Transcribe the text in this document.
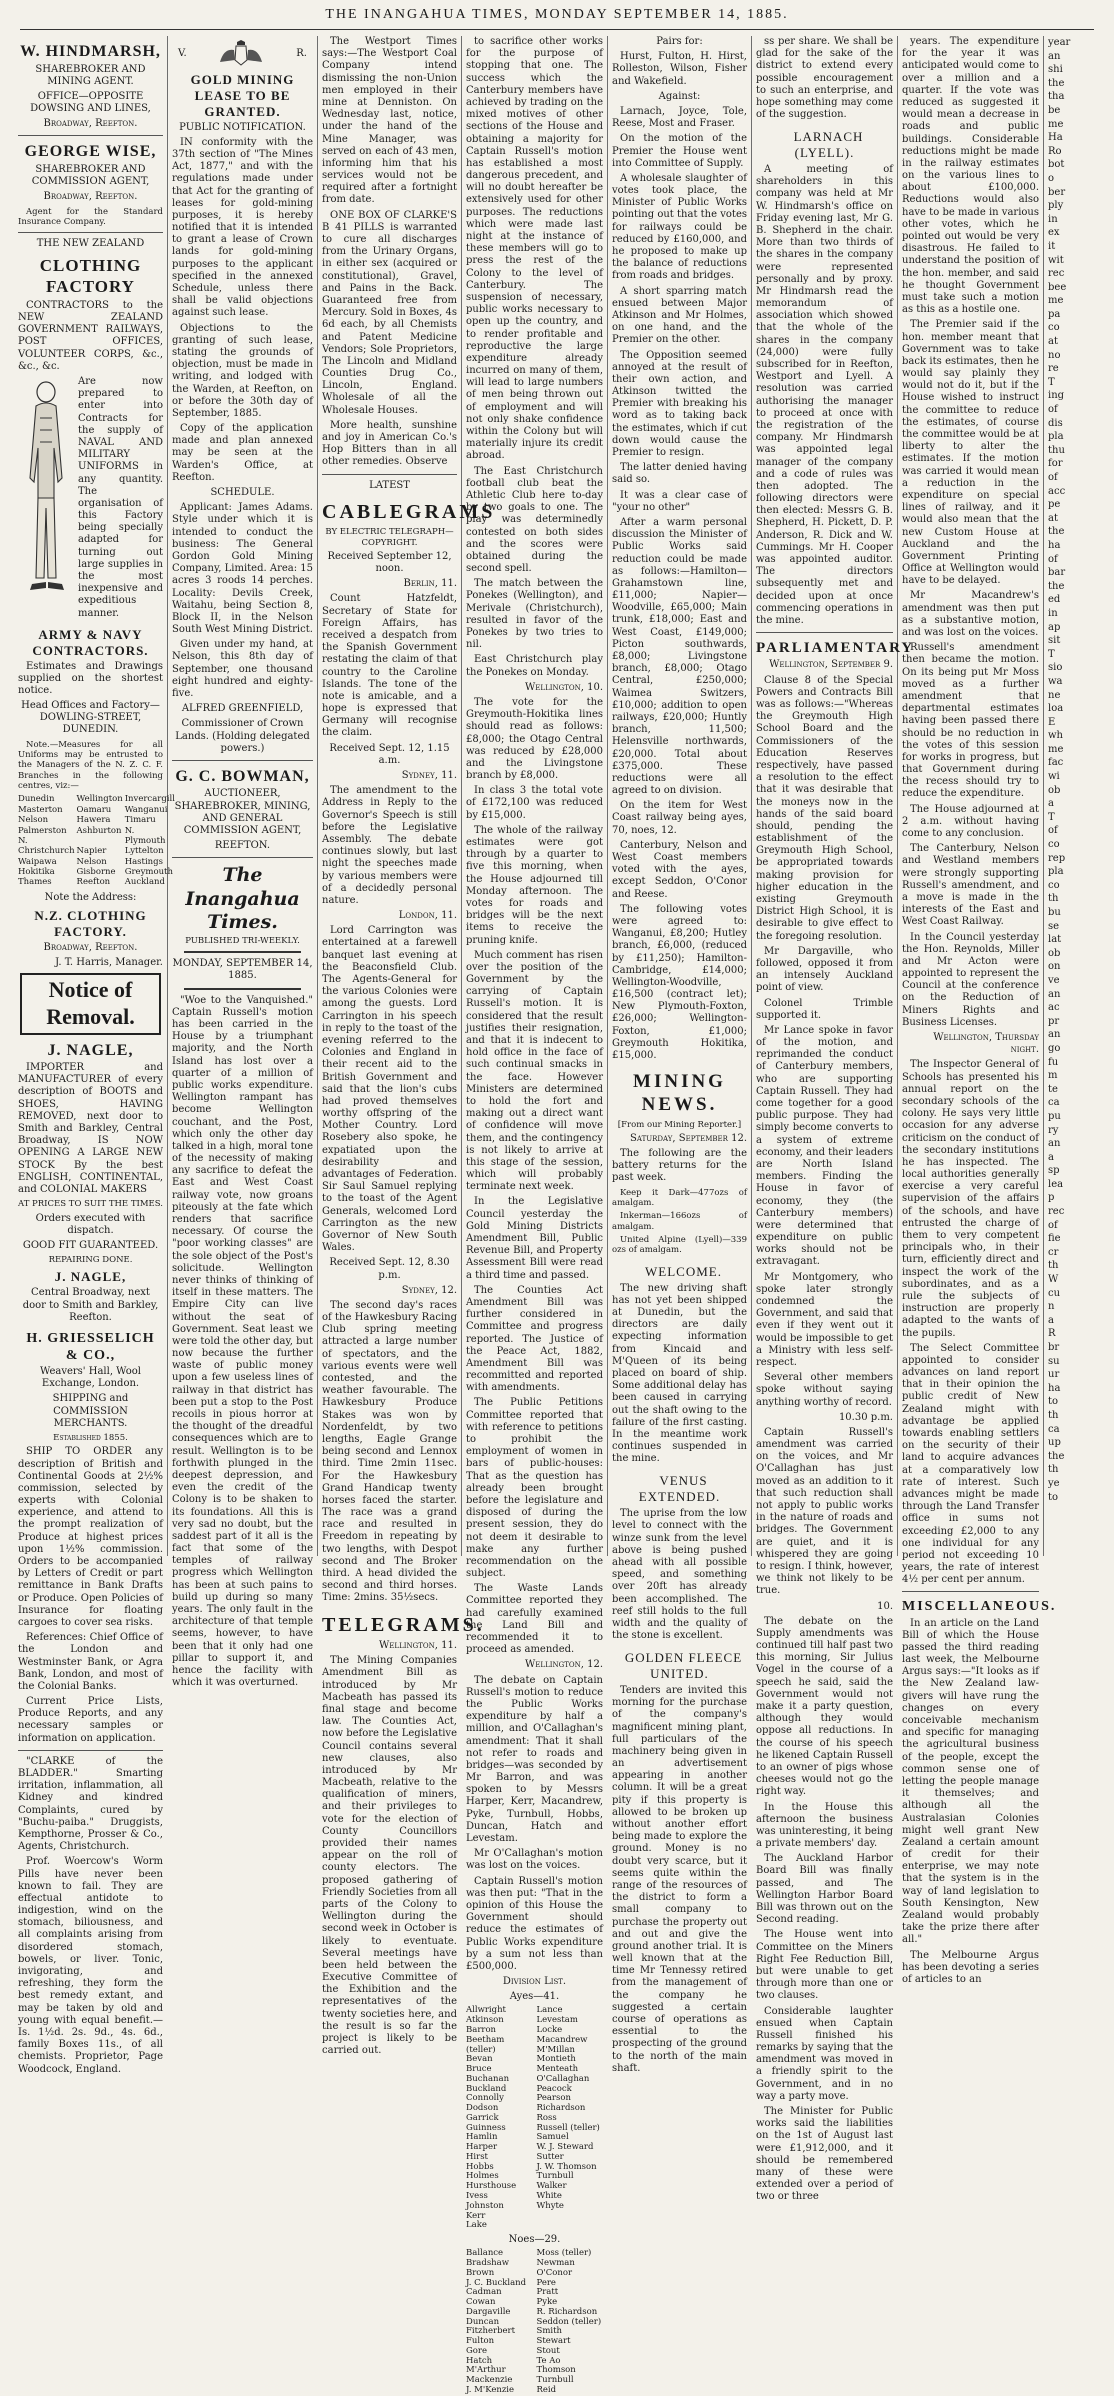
THE INANGAHUA TIMES, MONDAY SEPTEMBER 14, 1885.
W. HINDMARSH,

SHAREBROKER AND MINING AGENT.

OFFICE—OPPOSITE DOWSING AND LINES,

Broadway, Reefton.

GEORGE WISE,

SHAREBROKER AND COMMISSION AGENT,

Broadway, Reefton.

Agent for the Standard Insurance Company.

THE NEW ZEALAND

CLOTHING FACTORY

CONTRACTORS to the NEW ZEALAND GOVERNMENT RAILWAYS, POST OFFICES, VOLUNTEER CORPS, &c., &c., &c.

Are now prepared to enter into Contracts for the supply of NAVAL AND MILITARY UNIFORMS in any quantity. The organisation of this Factory being specially adapted for turning out large supplies in the most inexpensive and expeditious manner.

ARMY & NAVY CONTRACTORS.

Estimates and Drawings supplied on the shortest notice.

Head Offices and Factory— DOWLING-STREET, DUNEDIN.

Note.—Measures for all Uniforms may be entrusted to the Managers of the N. Z. C. F. Branches in the following centres, viz:—

Dunedin	Wellington Invercargill
Masterton	Oamaru	Wanganui
Nelson	Hawera	Timaru
Palmerston N.
Ashburton N. Plymouth
Christchurch Napier	Lyttelton
Waipawa	Nelson	Hastings
Hokitika	Gisborne	Greymouth
Thames	Reefton	Auckland

Note the Address:

N.Z. CLOTHING FACTORY.

Broadway, Reefton.

J. T. Harris, Manager.

Notice of Removal.
J. NAGLE,

IMPORTER and MANUFACTURER of every description of BOOTS and SHOES, HAVING REMOVED, next door to Smith and Barkley, Central Broadway, IS NOW OPENING A LARGE NEW STOCK By the best ENGLISH, CONTINENTAL, and COLONIAL MAKERS

AT PRICES TO SUIT THE TIMES.

Orders executed with dispatch.

GOOD FIT GUARANTEED.

REPAIRING DONE.

J. NAGLE,

Central Broadway, next door to Smith and Barkley, Reefton.

H. GRIESSELICH & CO.,

Weavers' Hall, Wool Exchange, London.

SHIPPING and COMMISSION MERCHANTS.

Established 1855.

SHIP TO ORDER any description of British and Continental Goods at 2½% commission, selected by experts with Colonial experience, and attend to the prompt realization of Produce at highest prices upon 1½% commission. Orders to be accompanied by Letters of Credit or part remittance in Bank Drafts or Produce. Open Policies of Insurance for floating cargoes to cover sea risks.

References: Chief Office of the London and Westminster Bank, or Agra Bank, London, and most of the Colonial Banks.

Current Price Lists, Produce Reports, and any necessary samples or information on application.

"CLARKE of the BLADDER." Smarting irritation, inflammation, all Kidney and kindred Complaints, cured by "Buchu-paiba." Druggists, Kempthorne, Prosser & Co., Agents, Christchurch.

Prof. Woercow's Worm Pills have never been known to fail. They are effectual antidote to indigestion, wind on the stomach, biliousness, and all complaints arising from disordered stomach, bowels, or liver. Tonic, invigorating, and refreshing, they form the best remedy extant, and may be taken by old and young with equal benefit.—Is. 1½d. 2s. 9d., 4s. 6d., family Boxes 11s., of all chemists. Proprietor, Page Woodcock, England.

V.	R.
GOLD MINING LEASE TO BE GRANTED.

PUBLIC NOTIFICATION.

IN conformity with the 37th section of "The Mines Act, 1877," and with the regulations made under that Act for the granting of leases for gold-mining purposes, it is hereby notified that it is intended to grant a lease of Crown lands for gold-mining purposes to the applicant specified in the annexed Schedule, unless there shall be valid objections against such lease.

Objections to the granting of such lease, stating the grounds of objection, must be made in writing, and lodged with the Warden, at Reefton, on or before the 30th day of September, 1885.

Copy of the application made and plan annexed may be seen at the Warden's Office, at Reefton.

SCHEDULE.

Applicant: James Adams. Style under which it is intended to conduct the business: The General Gordon Gold Mining Company, Limited. Area: 15 acres 3 roods 14 perches. Locality: Devils Creek, Waitahu, being Section 8, Block II, in the Nelson South West Mining District.

Given under my hand, at Nelson, this 8th day of September, one thousand eight hundred and eighty-five.

ALFRED GREENFIELD,

Commissioner of Crown Lands. (Holding delegated powers.)

G. C. BOWMAN,

AUCTIONEER, SHAREBROKER, MINING, AND GENERAL COMMISSION AGENT,

REEFTON.

The Inangahua Times.

PUBLISHED TRI-WEEKLY.

MONDAY, SEPTEMBER 14, 1885.

"Woe to the Vanquished." Captain Russell's motion has been carried in the House by a triumphant majority, and the North Island has lost over a quarter of a million of public works expenditure. Wellington rampant has become Wellington couchant, and the Post, which only the other day talked in a high, moral tone of the necessity of making any sacrifice to defeat the East and West Coast railway vote, now groans piteously at the fate which renders that sacrifice necessary. Of course the "poor working classes" are the sole object of the Post's solicitude. Wellington never thinks of thinking of itself in these matters. The Empire City can live without the seat of Government. Seat least we were told the other day, but now because the further waste of public money upon a few useless lines of railway in that district has been put a stop to the Post recoils in pious horror at the thought of the dreadful consequences which are to result. Wellington is to be forthwith plunged in the deepest depression, and even the credit of the Colony is to be shaken to its foundations. All this is very sad no doubt, but the saddest part of it all is the fact that some of the temples of railway progress which Wellington has been at such pains to build up during so many years. The only fault in the architecture of that temple seems, however, to have been that it only had one pillar to support it, and hence the facility with which it was overturned.

The Westport Times says:—The Westport Coal Company intend dismissing the non-Union men employed in their mine at Denniston. On Wednesday last, notice, under the hand of the Mine Manager, was served on each of 43 men, informing him that his services would not be required after a fortnight from date.

ONE BOX OF CLARKE'S B 41 PILLS is warranted to cure all discharges from the Urinary Organs, in either sex (acquired or constitutional), Gravel, and Pains in the Back. Guaranteed free from Mercury. Sold in Boxes, 4s 6d each, by all Chemists and Patent Medicine Vendors; Sole Proprietors, The Lincoln and Midland Counties Drug Co., Lincoln, England. Wholesale of all the Wholesale Houses.

More health, sunshine and joy in American Co.'s Hop Bitters than in all other remedies. Observe

LATEST

CABLEGRAMS

BY ELECTRIC TELEGRAPH—COPYRIGHT.

Received September 12, noon.

Berlin, 11.

Count Hatzfeldt, Secretary of State for Foreign Affairs, has received a despatch from the Spanish Government restating the claim of that country to the Caroline Islands. The tone of the note is amicable, and a hope is expressed that Germany will recognise the claim.

Received Sept. 12, 1.15 a.m.

Sydney, 11.

The amendment to the Address in Reply to the Governor's Speech is still before the Legislative Assembly. The debate continues slowly, but last night the speeches made by various members were of a decidedly personal nature.

London, 11.

Lord Carrington was entertained at a farewell banquet last evening at the Beaconsfield Club. The Agents-General for the various Colonies were among the guests. Lord Carrington in his speech in reply to the toast of the evening referred to the Colonies and England in their recent aid to the British Government and said that the lion's cubs had proved themselves worthy offspring of the Mother Country. Lord Rosebery also spoke, he expatiated upon the desirability and advantages of Federation. Sir Saul Samuel replying to the toast of the Agent Generals, welcomed Lord Carrington as the new Governor of New South Wales.

Received Sept. 12, 8.30 p.m.

Sydney, 12.

The second day's races of the Hawkesbury Racing Club spring meeting attracted a large number of spectators, and the various events were well contested, and the weather favourable. The Hawkesbury Produce Stakes was won by Nordenfeldt, by two lengths, Eagle Grange being second and Lennox third. Time 2min 11sec. For the Hawkesbury Grand Handicap twenty horses faced the starter. The race was a grand race and resulted in Freedom in repeating by two lengths, with Despot second and The Broker third. A head divided the second and third horses. Time: 2mins. 35½secs.

TELEGRAMS.

Wellington, 11.

The Mining Companies Amendment Bill as introduced by Mr Macbeath has passed its final stage and become law. The Counties Act, now before the Legislative Council contains several new clauses, also introduced by Mr Macbeath, relative to the qualification of miners, and their privileges to vote for the election of County Councillors provided their names appear on the roll of county electors. The proposed gathering of Friendly Societies from all parts of the Colony to Wellington during the second week in October is likely to eventuate. Several meetings have been held between the Executive Committee of the Exhibition and the representatives of the twenty societies here, and the result is so far the project is likely to be carried out.

to sacrifice other works for the purpose of stopping that one. The success which the Canterbury members have achieved by trading on the mixed motives of other sections of the House and obtaining a majority for Captain Russell's motion has established a most dangerous precedent, and will no doubt hereafter be extensively used for other purposes. The reductions which were made last night at the instance of these members will go to press the rest of the Colony to the level of Canterbury. The suspension of necessary, public works necessary to open up the country, and to render profitable and reproductive the large expenditure already incurred on many of them, will lead to large numbers of men being thrown out of employment and will not only shake confidence within the Colony but will materially injure its credit abroad.

The East Christchurch football club beat the Athletic Club here to-day by two goals to one. The play was determinedly contested on both sides and the scores were obtained during the second spell.

The match between the Ponekes (Wellington), and Merivale (Christchurch), resulted in favor of the Ponekes by two tries to nil.

East Christchurch play the Ponekes on Monday.

Wellington, 10.

The vote for the Greymouth-Hokitika lines should read as follows: £8,000; the Otago Central was reduced by £28,000 and the Livingstone branch by £8,000.

In class 3 the total vote of £172,100 was reduced by £15,000.

The whole of the railway estimates were got through by a quarter to five this morning, when the House adjourned till Monday afternoon. The votes for roads and bridges will be the next items to receive the pruning knife.

Much comment has risen over the position of the Government by the carrying of Captain Russell's motion. It is considered that the result justifies their resignation, and that it is indecent to hold office in the face of such continual smacks in the face. However Ministers are determined to hold the fort and making out a direct want of confidence will move them, and the contingency is not likely to arrive at this stage of the session, which will probably terminate next week.

In the Legislative Council yesterday the Gold Mining Districts Amendment Bill, Public Revenue Bill, and Property Assessment Bill were read a third time and passed.

The Counties Act Amendment Bill was further considered in Committee and progress reported. The Justice of the Peace Act, 1882, Amendment Bill was recommitted and reported with amendments.

The Public Petitions Committee reported that with reference to petitions to prohibit the employment of women in bars of public-houses: That as the question has already been brought before the legislature and disposed of during the present session, they do not deem it desirable to make any further recommendation on the subject.

The Waste Lands Committee reported they had carefully examined the Land Bill and recommended it to proceed as amended.

Wellington, 12.

The debate on Captain Russell's motion to reduce the Public Works expenditure by half a million, and O'Callaghan's amendment: That it shall not refer to roads and bridges—was seconded by Mr Barron, and was spoken to by Messrs Harper, Kerr, Macandrew, Pyke, Turnbull, Hobbs, Duncan, Hatch and Levestam.

Mr O'Callaghan's motion was lost on the voices.

Captain Russell's motion was then put: "That in the opinion of this House the Government should reduce the estimates of Public Works expenditure by a sum not less than £500,000.

Division List.

Ayes—41.

Allwright
Atkinson
Barron
Beetham (teller)
Bevan
Bruce
Buchanan
Buckland
Connolly
Dodson
Garrick
Guinness
Hamlin
Harper
Hirst
Hobbs
Holmes
Hursthouse
Ivess
Johnston
Kerr
Lake
Lance
Levestam
Locke
Macandrew
M'Millan
Montieth
Menteath
O'Callaghan
Peacock
Pearson
Richardson
Ross
Russell (teller)
Samuel
W. J. Steward
Sutter
J. W. Thomson
Turnbull
Walker
White
Whyte

Noes—29.

Ballance
Bradshaw
Brown
J. C. Buckland
Cadman
Cowan
Dargaville
Duncan
Fitzherbert
Fulton
Gore
Hatch
M'Arthur
Mackenzie
J. M'Kenzie
Moss (teller)
Newman
O'Conor
Pere
Pratt
Pyke
R. Richardson
Seddon (teller)
Smith
Stewart
Stout
Te Ao
Thomson
Turnbull
Reid

Pairs for:

Hurst, Fulton, H. Hirst, Rolleston, Wilson, Fisher and Wakefield.

Against:

Larnach, Joyce, Tole, Reese, Most and Fraser.

On the motion of the Premier the House went into Committee of Supply.

A wholesale slaughter of votes took place, the Minister of Public Works pointing out that the votes for railways could be reduced by £160,000, and he proposed to make up the balance of reductions from roads and bridges.

A short sparring match ensued between Major Atkinson and Mr Holmes, on one hand, and the Premier on the other.

The Opposition seemed annoyed at the result of their own action, and Atkinson twitted the Premier with breaking his word as to taking back the estimates, which if cut down would cause the Premier to resign.

The latter denied having said so.

It was a clear case of "your no other"

After a warm personal discussion the Minister of Public Works said reduction could be made as follows:—Hamilton—Grahamstown line, £11,000; Napier—Woodville, £65,000; Main trunk, £18,000; East and West Coast, £149,000; Picton southwards, £8,000; Livingstone branch, £8,000; Otago Central, £250,000; Waimea Switzers, £10,000; addition to open railways, £20,000; Huntly branch, 11,500; Helensville northwards, £20,000. Total about £375,000. These reductions were all agreed to on division.

On the item for West Coast railway being ayes, 70, noes, 12.

Canterbury, Nelson and West Coast members voted with the ayes, except Seddon, O'Conor and Reese.

The following votes were agreed to: Wanganui, £8,200; Hutley branch, £6,000, (reduced by £11,250); Hamilton-Cambridge, £14,000; Wellington-Woodville, £16,500 (contract let); New Plymouth-Foxton, £26,000; Wellington-Foxton, £1,000; Greymouth Hokitika, £15,000.

MINING NEWS.

[From our Mining Reporter.]

Saturday, September 12.

The following are the battery returns for the past week.

Keep it Dark—477ozs of amalgam.

Inkerman—166ozs of amalgam.

United Alpine (Lyell)—339 ozs of amalgam.

WELCOME.

The new driving shaft has not yet been shipped at Dunedin, but the directors are daily expecting information from Kincaid and M'Queen of its being placed on board of ship. Some additional delay has been caused in carrying out the shaft owing to the failure of the first casting. In the meantime work continues suspended in the mine.

VENUS EXTENDED.

The uprise from the low level to connect with the winze sunk from the level above is being pushed ahead with all possible speed, and something over 20ft has already been accomplished. The reef still holds to the full width and the quality of the stone is excellent.

GOLDEN FLEECE UNITED.

Tenders are invited this morning for the purchase of the company's magnificent mining plant, full particulars of the machinery being given in an advertisement appearing in another column. It will be a great pity if this property is allowed to be broken up without another effort being made to explore the ground. Money is no doubt very scarce, but it seems quite within the range of the resources of the district to form a small company to purchase the property out and out and give the ground another trial. It is well known that at the time Mr Tennessy retired from the management of the company he suggested a certain course of operations as essential to the prospecting of the ground to the north of the main shaft.

ss per share. We shall be glad for the sake of the district to extend every possible encouragement to such an enterprise, and hope something may come of the suggestion.

LARNACH (LYELL).

A meeting of shareholders in this company was held at Mr W. Hindmarsh's office on Friday evening last, Mr G. B. Shepherd in the chair. More than two thirds of the shares in the company were represented personally and by proxy. Mr Hindmarsh read the memorandum of association which showed that the whole of the shares in the company (24,000) were fully subscribed for in Reefton, Westport and Lyell. A resolution was carried authorising the manager to proceed at once with the registration of the company. Mr Hindmarsh was appointed legal manager of the company and a code of rules was then adopted. The following directors were then elected: Messrs G. B. Shepherd, H. Pickett, D. P. Anderson, R. Dick and W. Cummings. Mr H. Cooper was appointed auditor. The directors subsequently met and decided upon at once commencing operations in the mine.

PARLIAMENTARY

Wellington, September 9.

Clause 8 of the Special Powers and Contracts Bill was as follows:—"Whereas the Greymouth High School Board and the Commissioners of the Education Reserves respectively, have passed a resolution to the effect that it was desirable that the moneys now in the hands of the said board should, pending the establishment of the Greymouth High School, be appropriated towards making provision for higher education in the existing Greymouth District High School, it is desirable to give effect to the foregoing resolution.

Mr Dargaville, who followed, opposed it from an intensely Auckland point of view.

Colonel Trimble supported it.

Mr Lance spoke in favor of the motion, and reprimanded the conduct of Canterbury members, who are supporting Captain Russell. They had come together for a good public purpose. They had simply become converts to a system of extreme economy, and their leaders are North Island members. Finding the House in favor of economy, they (the Canterbury members) were determined that expenditure on public works should not be extravagant.

Mr Montgomery, who spoke later strongly condemned the Government, and said that even if they went out it would be impossible to get a Ministry with less self-respect.

Several other members spoke without saying anything worthy of record.

10.30 p.m.

Captain Russell's amendment was carried on the voices, and Mr O'Callaghan has just moved as an addition to it that such reduction shall not apply to public works in the nature of roads and bridges. The Government are quiet, and it is whispered they are going to resign. I think, however, we think not likely to be true.

10.

The debate on the Supply amendments was continued till half past two this morning, Sir Julius Vogel in the course of a speech he said, said the Government would not make it a party question, although they would oppose all reductions. In the course of his speech he likened Captain Russell to an owner of pigs whose cheeses would not go the right way.

In the House this afternoon the business was uninteresting, it being a private members' day.

The Auckland Harbor Board Bill was finally passed, and The Wellington Harbor Board Bill was thrown out on the Second reading.

The House went into Committee on the Miners Right Fee Reduction Bill, but were unable to get through more than one or two clauses.

Considerable laughter ensued when Captain Russell finished his remarks by saying that the amendment was moved in a friendly spirit to the Government, and in no way a party move.

The Minister for Public works said the liabilities on the 1st of August last were £1,912,000, and it should be remembered many of these were extended over a period of two or three

years. The expenditure for the year it was anticipated would come to over a million and a quarter. If the vote was reduced as suggested it would mean a decrease in roads and public buildings. Considerable reductions might be made in the railway estimates on the various lines to about £100,000. Reductions would also have to be made in various other votes, which he pointed out would be very disastrous. He failed to understand the position of the hon. member, and said he thought Government must take such a motion as this as a hostile one.

The Premier said if the hon. member meant that Government was to take back its estimates, then he would say plainly they would not do it, but if the House wished to instruct the committee to reduce the estimates, of course the committee would be at liberty to alter the estimates. If the motion was carried it would mean a reduction in the expenditure on special lines of railway, and it would also mean that the new Custom House at Auckland and the Government Printing Office at Wellington would have to be delayed.

Mr Macandrew's amendment was then put as a substantive motion, and was lost on the voices.

Russell's amendment then became the motion. On its being put Mr Moss moved as a further amendment that departmental estimates having been passed there should be no reduction in the votes of this session for works in progress, but that Government during the recess should try to reduce the expenditure.

The House adjourned at 2 a.m. without having come to any conclusion.

The Canterbury, Nelson and Westland members were strongly supporting Russell's amendment, and a move is made in the interests of the East and West Coast Railway.

In the Council yesterday the Hon. Reynolds, Miller and Mr Acton were appointed to represent the Council at the conference on the Reduction of Miners Rights and Business Licenses.

Wellington, Thursday night.

The Inspector General of Schools has presented his annual report on the secondary schools of the colony. He says very little occasion for any adverse criticism on the conduct of the secondary institutions he has inspected. The local authorities generally exercise a very careful supervision of the affairs of the schools, and have entrusted the charge of them to very competent principals who, in their turn, efficiently direct and inspect the work of the subordinates, and as a rule the subjects of instruction are properly adapted to the wants of the pupils.

The Select Committee appointed to consider advances on land report that in their opinion the public credit of New Zealand might with advantage be applied towards enabling settlers on the security of their land to acquire advances at a comparatively low rate of interest. Such advances might be made through the Land Transfer office in sums not exceeding £2,000 to any one individual for any period not exceeding 10 years, the rate of interest 4½ per cent per annum.

MISCELLANEOUS.

In an article on the Land Bill of which the House passed the third reading last week, the Melbourne Argus says:—"It looks as if the New Zealand law-givers will have rung the changes on every conceivable mechanism and specific for managing the agricultural business of the people, except the common sense one of letting the people manage it themselves; and although all the Australasian Colonies might well grant New Zealand a certain amount of credit for their enterprise, we may note that the system is in the way of land legislation to South Kensington, New Zealand would probably take the prize there after all."

The Melbourne Argus has been devoting a series of articles to an

year
an
shi
the
tha
be
me
Ha
Ro
bot
o
ber
ply
in
ex
it
wit
rec
bee
me
pa
co
at
no
re
T
ing
of
dis
pla
thu
for
of
acc
pe
at
the
ha
of
bar
the
ed
in
ap
sit
T
sio
wa
ne
loa
E
wh
me
fac
wi
ob
a
T
of
co
rep
pla
co
th
bu
se
lat
ob
on
ve
an
ac
pr
an
go
fu
m
te
ca
pu
ry
an
a
sp
lea
p
rec
of
fie
cr
th
W
cu
n
a
R
br
su
ur
ha
to
th
ca
up
the
th
ye
to
